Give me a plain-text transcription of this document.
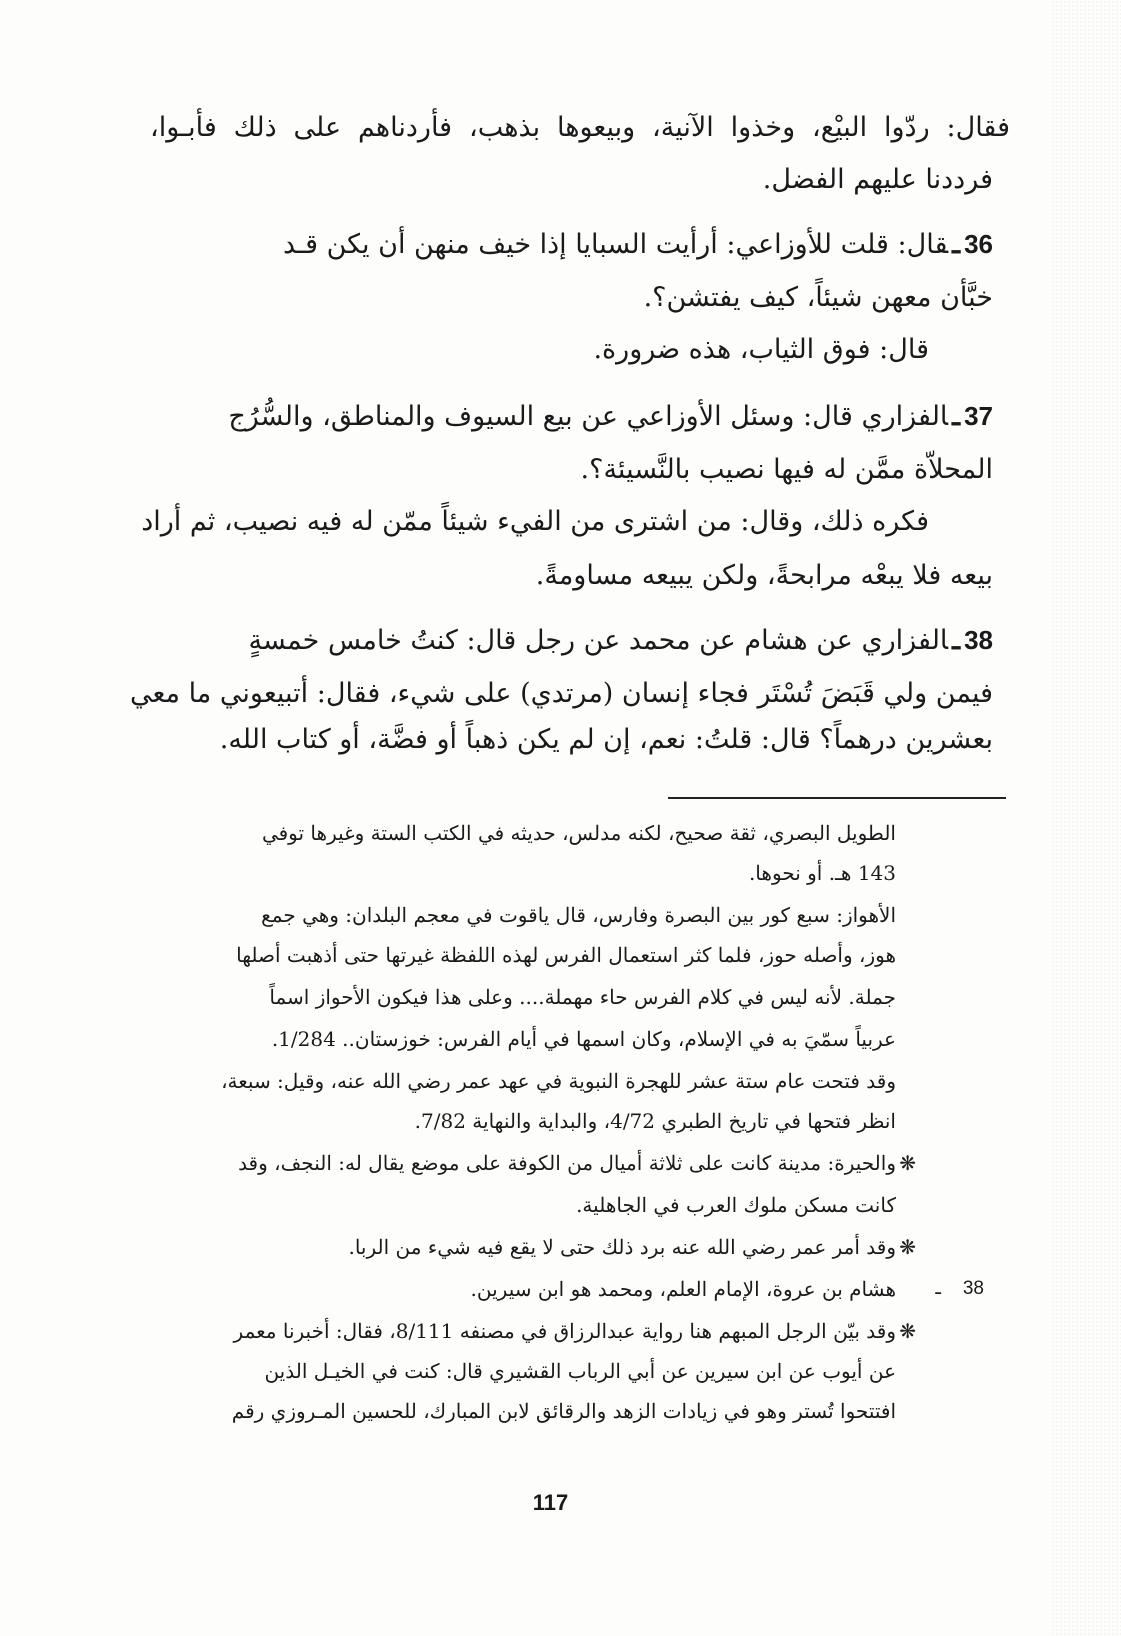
فقال: ردّوا البيْع، وخذوا الآنية، وبيعوها بذهب، فأردناهم على ذلك فأبـوا،
فرددنا عليهم الفضل.
36ـقال: قلت للأوزاعي: أرأيت السبايا إذا خيف منهن أن يكن قـد
خبَّأن معهن شيئاً، كيف يفتشن؟.
قال: فوق الثياب، هذه ضرورة.
37ـالفزاري قال: وسئل الأوزاعي عن بيع السيوف والمناطق، والسُّرُج
المحلاّة ممَّن له فيها نصيب بالنَّسيئة؟.
فكره ذلك، وقال: من اشترى من الفيء شيئاً ممّن له فيه نصيب، ثم أراد
بيعه فلا يبعْه مرابحةً، ولكن يبيعه مساومةً.
38ـالفزاري عن هشام عن محمد عن رجل قال: كنتُ خامس خمسةٍ
فيمن ولي قَبَضَ تُسْتَر فجاء إنسان (مرتدي) على شيء، فقال: أتبيعوني ما معي
بعشرين درهماً؟ قال: قلتُ: نعم، إن لم يكن ذهباً أو فضَّة، أو كتاب الله.
الطويل البصري، ثقة صحيح، لكنه مدلس، حديثه في الكتب الستة وغيرها توفي
143 هـ. أو نحوها.
الأهواز: سبع كور بين البصرة وفارس، قال ياقوت في معجم البلدان: وهي جمع
هوز، وأصله حوز، فلما كثر استعمال الفرس لهذه اللفظة غيرتها حتى أذهبت أصلها
جملة. لأنه ليس في كلام الفرس حاء مهملة.... وعلى هذا فيكون الأحواز اسماً
عربياً سمّيَ به في الإسلام، وكان اسمها في أيام الفرس: خوزستان.. 1/284.
وقد فتحت عام ستة عشر للهجرة النبوية في عهد عمر رضي الله عنه، وقيل: سبعة،
انظر فتحها في تاريخ الطبري 4/72، والبداية والنهاية 7/82.
❋
والحيرة: مدينة كانت على ثلاثة أميال من الكوفة على موضع يقال له: النجف، وقد
كانت مسكن ملوك العرب في الجاهلية.
❋
وقد أمر عمر رضي الله عنه برد ذلك حتى لا يقع فيه شيء من الربا.
38
ـ
هشام بن عروة، الإمام العلم، ومحمد هو ابن سيرين.
❋
وقد بيّن الرجل المبهم هنا رواية عبدالرزاق في مصنفه 8/111، فقال: أخبرنا معمر
عن أيوب عن ابن سيرين عن أبي الرباب القشيري قال: كنت في الخيـل الذين
افتتحوا تُستر وهو في زيادات الزهد والرقائق لابن المبارك، للحسين المـروزي رقم
117
